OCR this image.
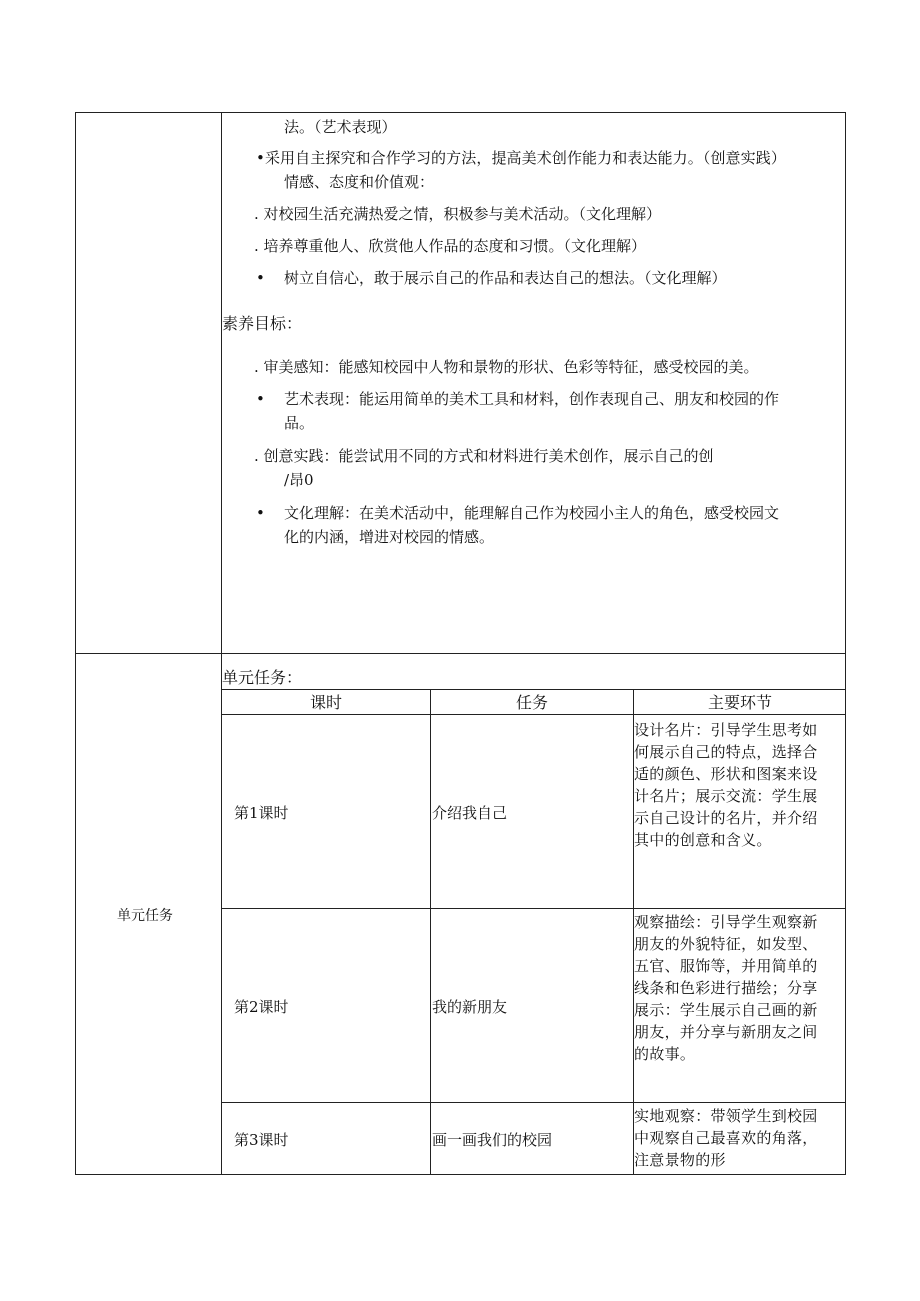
法。（艺术表现）
•采用自主探究和合作学习的方法，提高美术创作能力和表达能力。（创意实践）
情感、态度和价值观：
. 对校园生活充满热爱之情，积极参与美术活动。（文化理解）
. 培养尊重他人、欣赏他人作品的态度和习惯。（文化理解）
• 树立自信心，敢于展示自己的作品和表达自己的想法。（文化理解）
素养目标：
. 审美感知：能感知校园中人物和景物的形状、色彩等特征，感受校园的美。
• 艺术表现：能运用简单的美术工具和材料，创作表现自己、朋友和校园的作
品。
. 创意实践：能尝试用不同的方式和材料进行美术创作，展示自己的创
/昂0
• 文化理解：在美术活动中，能理解自己作为校园小主人的角色，感受校园文
化的内涵，增进对校园的情感。
单元任务
单元任务：
课时	任务	主要环节
第1课时	介绍我自己
设计名片：引导学生思考如
何展示自己的特点，选择合
适的颜色、形状和图案来设
计名片；展示交流：学生展
示自己设计的名片，并介绍
其中的创意和含义。
第2课时	我的新朋友
观察描绘：引导学生观察新
朋友的外貌特征，如发型、
五官、服饰等，并用简单的
线条和色彩进行描绘；分享
展示：学生展示自己画的新
朋友，并分享与新朋友之间
的故事。
第3课时	画一画我们的校园
实地观察：带领学生到校园
中观察自己最喜欢的角落，
注意景物的形
